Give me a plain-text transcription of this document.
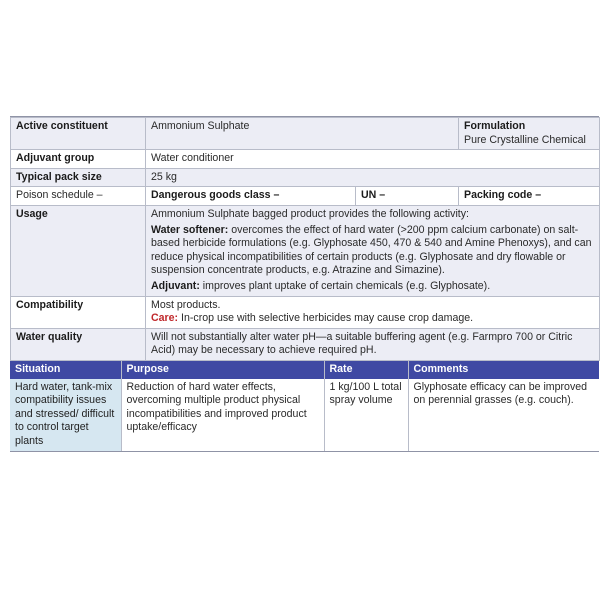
Active constituent	Ammonium Sulphate		Formulation
Pure Crystalline Chemical

Adjuvant group	Water conditioner		
Typical pack size	25 kg		
Poison schedule –	Dangerous goods class –	UN –	Packing code –
Usage	Ammonium Sulphate bagged product provides the following activity:

Water softener: overcomes the effect of hard water (>200 ppm calcium carbonate) on salt-based herbicide formulations (e.g. Glyphosate 450, 470 & 540 and Amine Phenoxys), and can reduce physical incompatibilities of certain products (e.g. Glyphosate and dry flowable or suspension concentrate products, e.g. Atrazine and Simazine).

Adjuvant: improves plant uptake of certain chemicals (e.g. Glyphosate).		

Compatibility	Most products.
Care: In-crop use with selective herbicides may cause crop damage.		

Water quality	Will not substantially alter water pH—a suitable buffering agent (e.g. Farmpro 700 or Citric Acid) may be necessary to achieve required pH.		
Situation	Purpose	Rate	Comments
Hard water, tank-mix compatibility issues and stressed/ difficult to control target plants	Reduction of hard water effects, overcoming multiple product physical incompatibilities and improved product uptake/efficacy	1 kg/100 L total spray volume	Glyphosate efficacy can be improved on perennial grasses (e.g. couch).
